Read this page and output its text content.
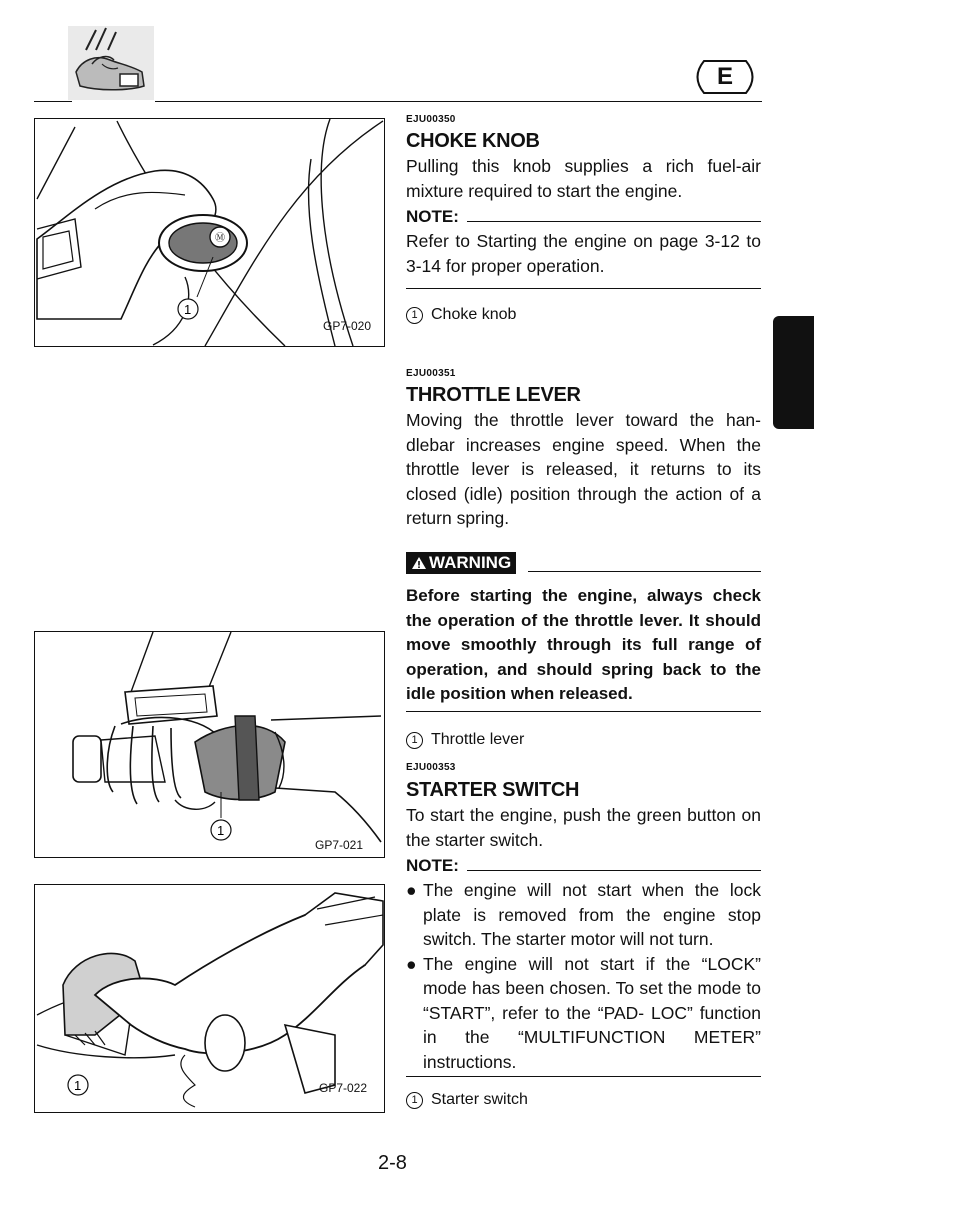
E
Ⓜ
1
GP7-020
1
GP7-021
1	GP7-022
EJU00350
CHOKE KNOB
Pulling this knob supplies a rich fuel-air mixture required to start the engine.
NOTE:
Refer to Starting the engine on page 3-12 to 3-14 for proper operation.
1 Choke knob
EJU00351
THROTTLE LEVER
Moving the throttle lever toward the han- dlebar increases engine speed. When the throttle lever is released, it returns to its closed (idle) position through the action of a return spring.
WARNING
Before starting the engine, always check the operation of the throttle lever. It should move smoothly through its full range of operation, and should spring back to the idle position when released.
1 Throttle lever
EJU00353
STARTER SWITCH
To start the engine, push the green button on the starter switch.
NOTE:
● The engine will not start when the lock plate is removed from the engine stop switch. The starter motor will not turn.
● The engine will not start if the “LOCK” mode has been chosen. To set the mode to “START”, refer to the “PAD- LOC” function in the “MULTIFUNCTION METER” instructions.
1 Starter switch
2-8
